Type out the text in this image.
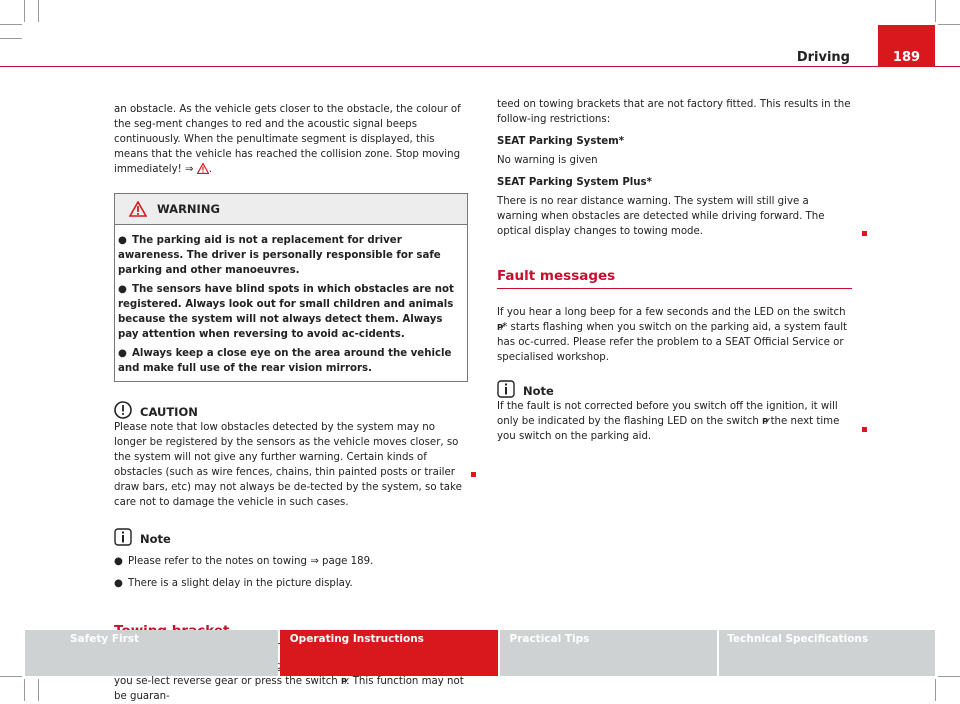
Driving	189

an obstacle. As the vehicle gets closer to the obstacle, the colour of the seg-ment changes to red and the acoustic signal beeps continuously. When the penultimate segment is displayed, this means that the vehicle has reached the collision zone. Stop moving immediately! ⇒ .

WARNING
● The parking aid is not a replacement for driver awareness. The driver is personally responsible for safe parking and other manoeuvres.
● The sensors have blind spots in which obstacles are not registered. Always look out for small children and animals because the system will not always detect them. Always pay attention when reversing to avoid ac-cidents.
● Always keep a close eye on the area around the vehicle and make full use of the rear vision mirrors.
CAUTION

Please note that low obstacles detected by the system may no longer be registered by the sensors as the vehicle moves closer, so the system will not give any further warning. Certain kinds of obstacles (such as wire fences, chains, thin painted posts or trailer draw bars, etc) may not always be de-tected by the system, so take care not to damage the vehicle in such cases.

Note
● Please refer to the notes on towing ⇒ page 189.
● There is a slight delay in the picture display.

you se-lect reverse gear or press the switch P⁄. This function may not be guaran-

teed on towing brackets that are not factory fitted. This results in the follow-ing restrictions:

SEAT Parking System*

No warning is given

SEAT Parking System Plus*

There is no rear distance warning. The system will still give a warning when obstacles are detected while driving forward. The optical display changes to towing mode.

Fault messages

If you hear a long beep for a few seconds and the LED on the switch P⁄* starts flashing when you switch on the parking aid, a system fault has oc-curred. Please refer the problem to a SEAT Official Service or specialised workshop.

Note

If the fault is not corrected before you switch off the ignition, it will only be indicated by the flashing LED on the switch P⁄ the next time you switch on the parking aid.

Safety First	Operating Instructions	Practical Tips	Technical Specifications
